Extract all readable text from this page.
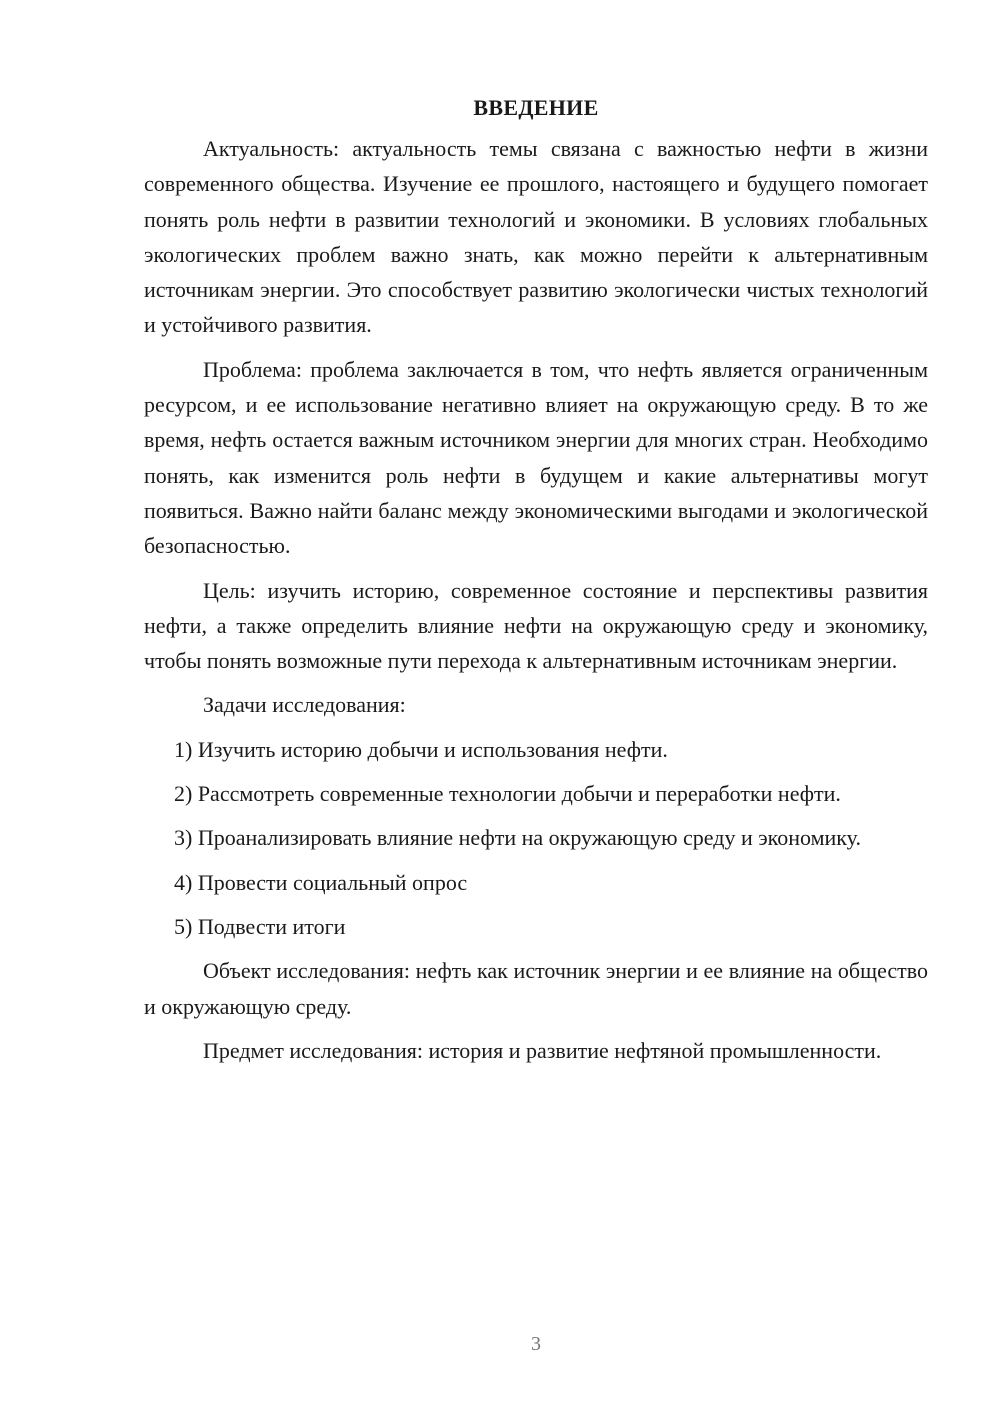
ВВЕДЕНИЕ

Актуальность: актуальность темы связана с важностью нефти в жизни современного общества. Изучение ее прошлого, настоящего и будущего помогает понять роль нефти в развитии технологий и экономики. В условиях глобальных экологических проблем важно знать, как можно перейти к альтернативным источникам энергии. Это способствует развитию экологически чистых технологий и устойчивого развития.

Проблема: проблема заключается в том, что нефть является ограниченным ресурсом, и ее использование негативно влияет на окружающую среду. В то же время, нефть остается важным источником энергии для многих стран. Необходимо понять, как изменится роль нефти в будущем и какие альтернативы могут появиться. Важно найти баланс между экономическими выгодами и экологической безопасностью.

Цель: изучить историю, современное состояние и перспективы развития нефти, а также определить влияние нефти на окружающую среду и экономику, чтобы понять возможные пути перехода к альтернативным источникам энергии.

Задачи исследования:

1) Изучить историю добычи и использования нефти.

2) Рассмотреть современные технологии добычи и переработки нефти.

3) Проанализировать влияние нефти на окружающую среду и экономику.

4) Провести социальный опрос

5) Подвести итоги

Объект исследования: нефть как источник энергии и ее влияние на общество и окружающую среду.

Предмет исследования: история и развитие нефтяной промышленности.

3
